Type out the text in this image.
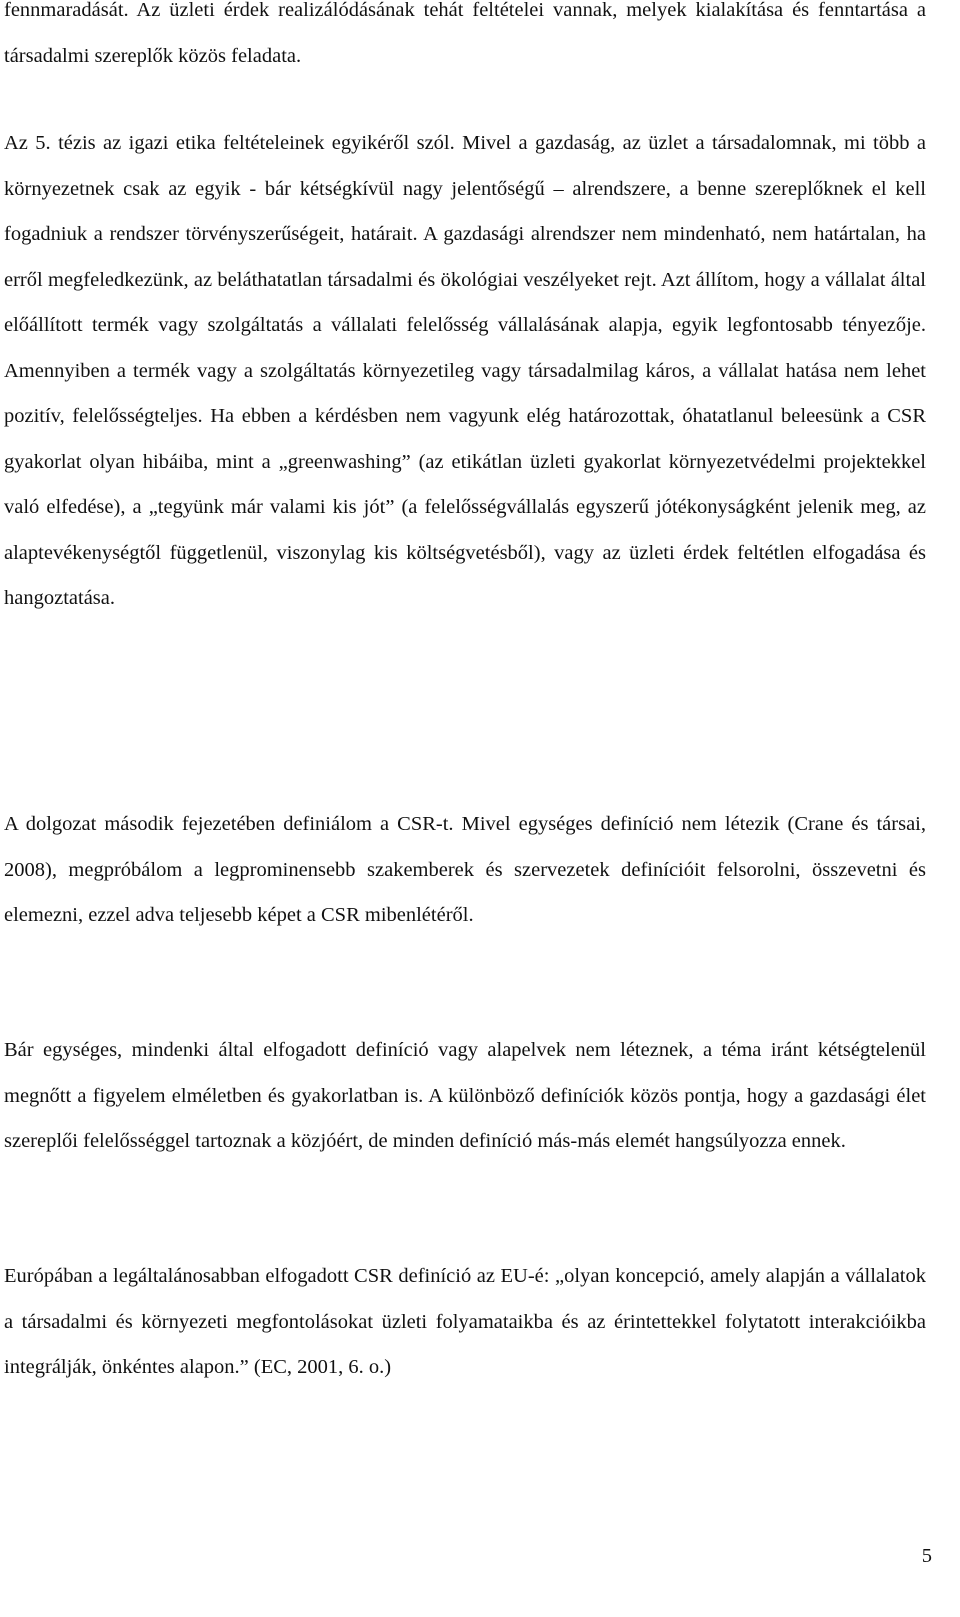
fennmaradását. Az üzleti érdek realizálódásának tehát feltételei vannak, melyek kialakítása és fenntartása a társadalmi szereplők közös feladata.

Az 5. tézis az igazi etika feltételeinek egyikéről szól. Mivel a gazdaság, az üzlet a társadalomnak, mi több a környezetnek csak az egyik - bár kétségkívül nagy jelentőségű – alrendszere, a benne szereplőknek el kell fogadniuk a rendszer törvényszerűségeit, határait. A gazdasági alrendszer nem mindenható, nem határtalan, ha erről megfeledkezünk, az beláthatatlan társadalmi és ökológiai veszélyeket rejt. Azt állítom, hogy a vállalat által előállított termék vagy szolgáltatás a vállalati felelősség vállalásának alapja, egyik legfontosabb tényezője. Amennyiben a termék vagy a szolgáltatás környezetileg vagy társadalmilag káros, a vállalat hatása nem lehet pozitív, felelősségteljes. Ha ebben a kérdésben nem vagyunk elég határozottak, óhatatlanul beleesünk a CSR gyakorlat olyan hibáiba, mint a „greenwashing” (az etikátlan üzleti gyakorlat környezetvédelmi projektekkel való elfedése), a „tegyünk már valami kis jót” (a felelősségvállalás egyszerű jótékonyságként jelenik meg, az alaptevékenységtől függetlenül, viszonylag kis költségvetésből), vagy az üzleti érdek feltétlen elfogadása és hangoztatása.

A dolgozat második fejezetében definiálom a CSR-t. Mivel egységes definíció nem létezik (Crane és társai, 2008), megpróbálom a legprominensebb szakemberek és szervezetek definícióit felsorolni, összevetni és elemezni, ezzel adva teljesebb képet a CSR mibenlétéről.

Bár egységes, mindenki által elfogadott definíció vagy alapelvek nem léteznek, a téma iránt kétségtelenül megnőtt a figyelem elméletben és gyakorlatban is. A különböző definíciók közös pontja, hogy a gazdasági élet szereplői felelősséggel tartoznak a közjóért, de minden definíció más-más elemét hangsúlyozza ennek.

Európában a legáltalánosabban elfogadott CSR definíció az EU-é: „olyan koncepció, amely alapján a vállalatok a társadalmi és környezeti megfontolásokat üzleti folyamataikba és az érintettekkel folytatott interakcióikba integrálják, önkéntes alapon.” (EC, 2001, 6. o.)

5
